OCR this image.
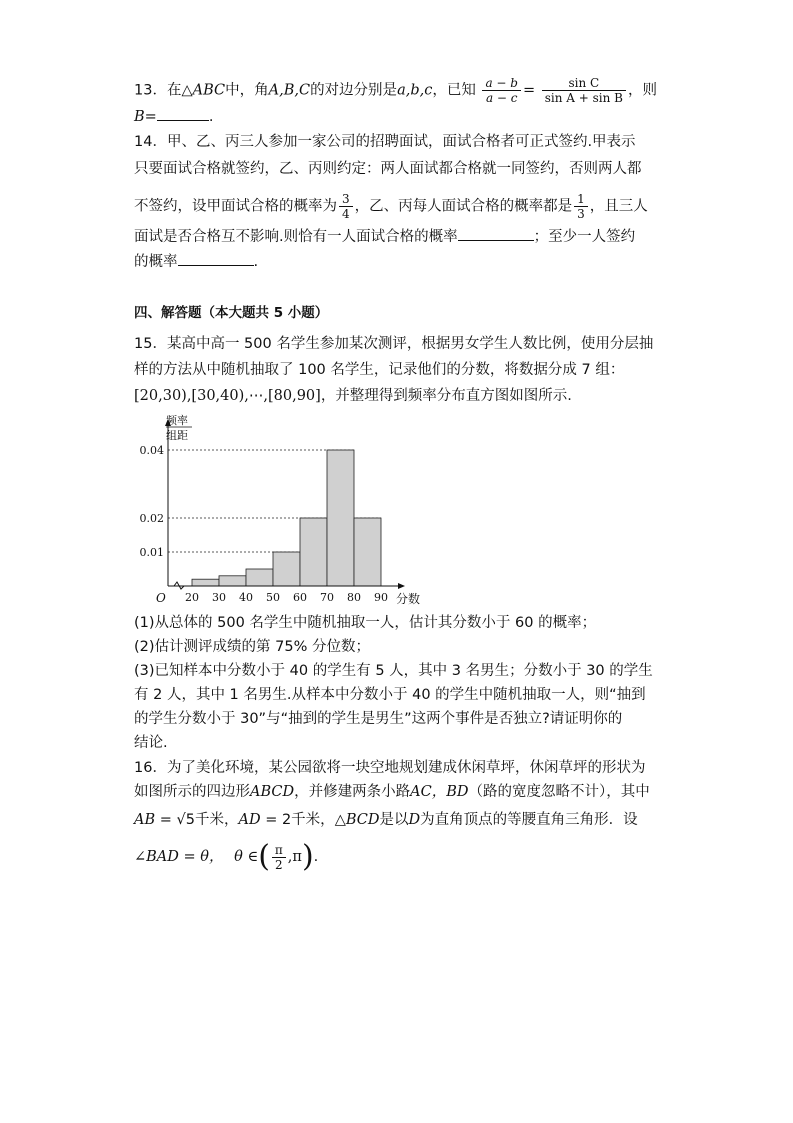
13．在△ABC中，角A,B,C的对边分别是a,b,c，已知 $\frac{a - b}{a - c} = \frac{\text{sin C}}{\text{sin A + sin B}}$ ，则
B=	.
14．甲、乙、丙三人参加一家公司的招聘面试，面试合格者可正式签约.甲表示
只要面试合格就签约，乙、丙则约定：两人面试都合格就一同签约，否则两人都
不签约，设甲面试合格的概率为 $\frac{3}{4}$ ，乙、丙每人面试合格的概率都是 $\frac{1}{3}$ ，且三人
面试是否合格互不影响.则恰有一人面试合格的概率	；至少一人签约
的概率	.
四、解答题（本大题共 5 小题）
15．某高中高一 500 名学生参加某次测评，根据男女学生人数比例，使用分层抽
样的方法从中随机抽取了 100 名学生，记录他们的分数，将数据分成 7 组：
[20,30),[30,40),⋯,[80,90]，并整理得到频率分布直方图如图所示.
0.04
0.02
0.01
20 30 40 50 60 70 80 90
O	分数
频率
组距
(1)从总体的 500 名学生中随机抽取一人，估计其分数小于 60 的概率；
(2)估计测评成绩的第 75% 分位数；
(3)已知样本中分数小于 40 的学生有 5 人，其中 3 名男生；分数小于 30 的学生
有 2 人，其中 1 名男生.从样本中分数小于 40 的学生中随机抽取一人，则“抽到
的学生分数小于 30”与“抽到的学生是男生”这两个事件是否独立?请证明你的
结论.
16．为了美化环境，某公园欲将一块空地规划建成休闲草坪，休闲草坪的形状为
如图所示的四边形ABCD，并修建两条小路AC，BD（路的宽度忽略不计），其中
AB = √5千米，AD = 2千米，△BCD是以D为直角顶点的等腰直角三角形．设
∠BAD = θ， θ ∈( $\frac{\pi}{2} ,\pi$).
